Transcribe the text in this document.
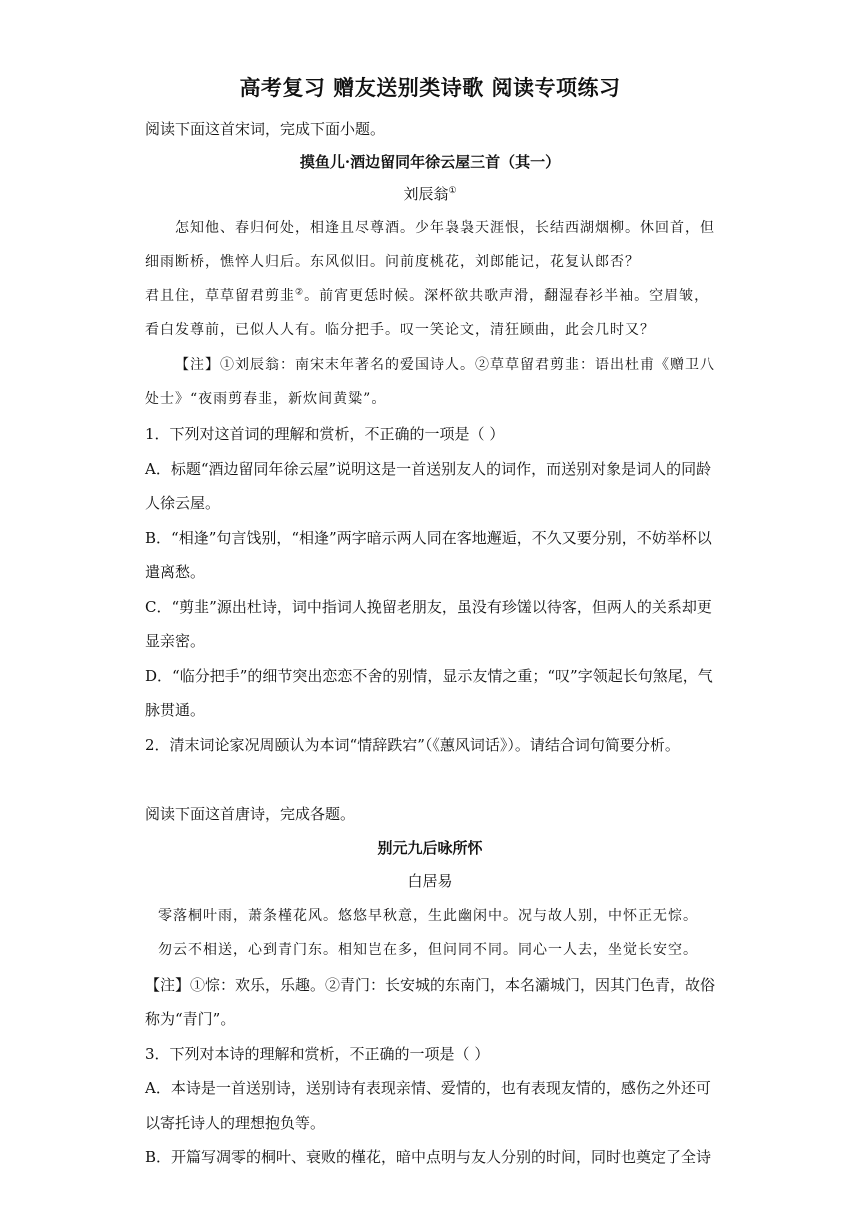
高考复习 赠友送别类诗歌 阅读专项练习
阅读下面这首宋词，完成下面小题。
摸鱼儿·酒边留同年徐云屋三首（其一）
刘辰翁①
怎知他、春归何处，相逢且尽尊酒。少年袅袅天涯恨，长结西湖烟柳。休回首，但
细雨断桥，憔悴人归后。东风似旧。问前度桃花，刘郎能记，花复认郎否？
君且住，草草留君剪韭②。前宵更恁时候。深杯欲共歌声滑，翻湿春衫半袖。空眉皱，
看白发尊前，已似人人有。临分把手。叹一笑论文，清狂顾曲，此会几时又？
【注】①刘辰翁：南宋末年著名的爱国诗人。②草草留君剪韭：语出杜甫《赠卫八
处士》“夜雨剪春韭，新炊间黄粱”。
1．下列对这首词的理解和赏析，不正确的一项是（ ）
A．标题“酒边留同年徐云屋”说明这是一首送别友人的词作，而送别对象是词人的同龄
人徐云屋。
B．“相逢”句言饯别，“相逢”两字暗示两人同在客地邂逅，不久又要分别，不妨举杯以
遣离愁。
C．“剪韭”源出杜诗，词中指词人挽留老朋友，虽没有珍馐以待客，但两人的关系却更
显亲密。
D．“临分把手”的细节突出恋恋不舍的别情，显示友情之重；“叹”字领起长句煞尾，气
脉贯通。
2．清末词论家况周颐认为本词“情辞跌宕”（《蕙风词话》）。请结合词句简要分析。
阅读下面这首唐诗，完成各题。
别元九后咏所怀
白居易
零落桐叶雨，萧条槿花风。悠悠早秋意，生此幽闲中。况与故人别，中怀正无悰。
勿云不相送，心到青门东。相知岂在多，但问同不同。同心一人去，坐觉长安空。
【注】①悰：欢乐，乐趣。②青门：长安城的东南门，本名灞城门，因其门色青，故俗
称为“青门”。
3．下列对本诗的理解和赏析，不正确的一项是（ ）
A．本诗是一首送别诗，送别诗有表现亲情、爱情的，也有表现友情的，感伤之外还可
以寄托诗人的理想抱负等。
B．开篇写凋零的桐叶、衰败的槿花，暗中点明与友人分别的时间，同时也奠定了全诗
